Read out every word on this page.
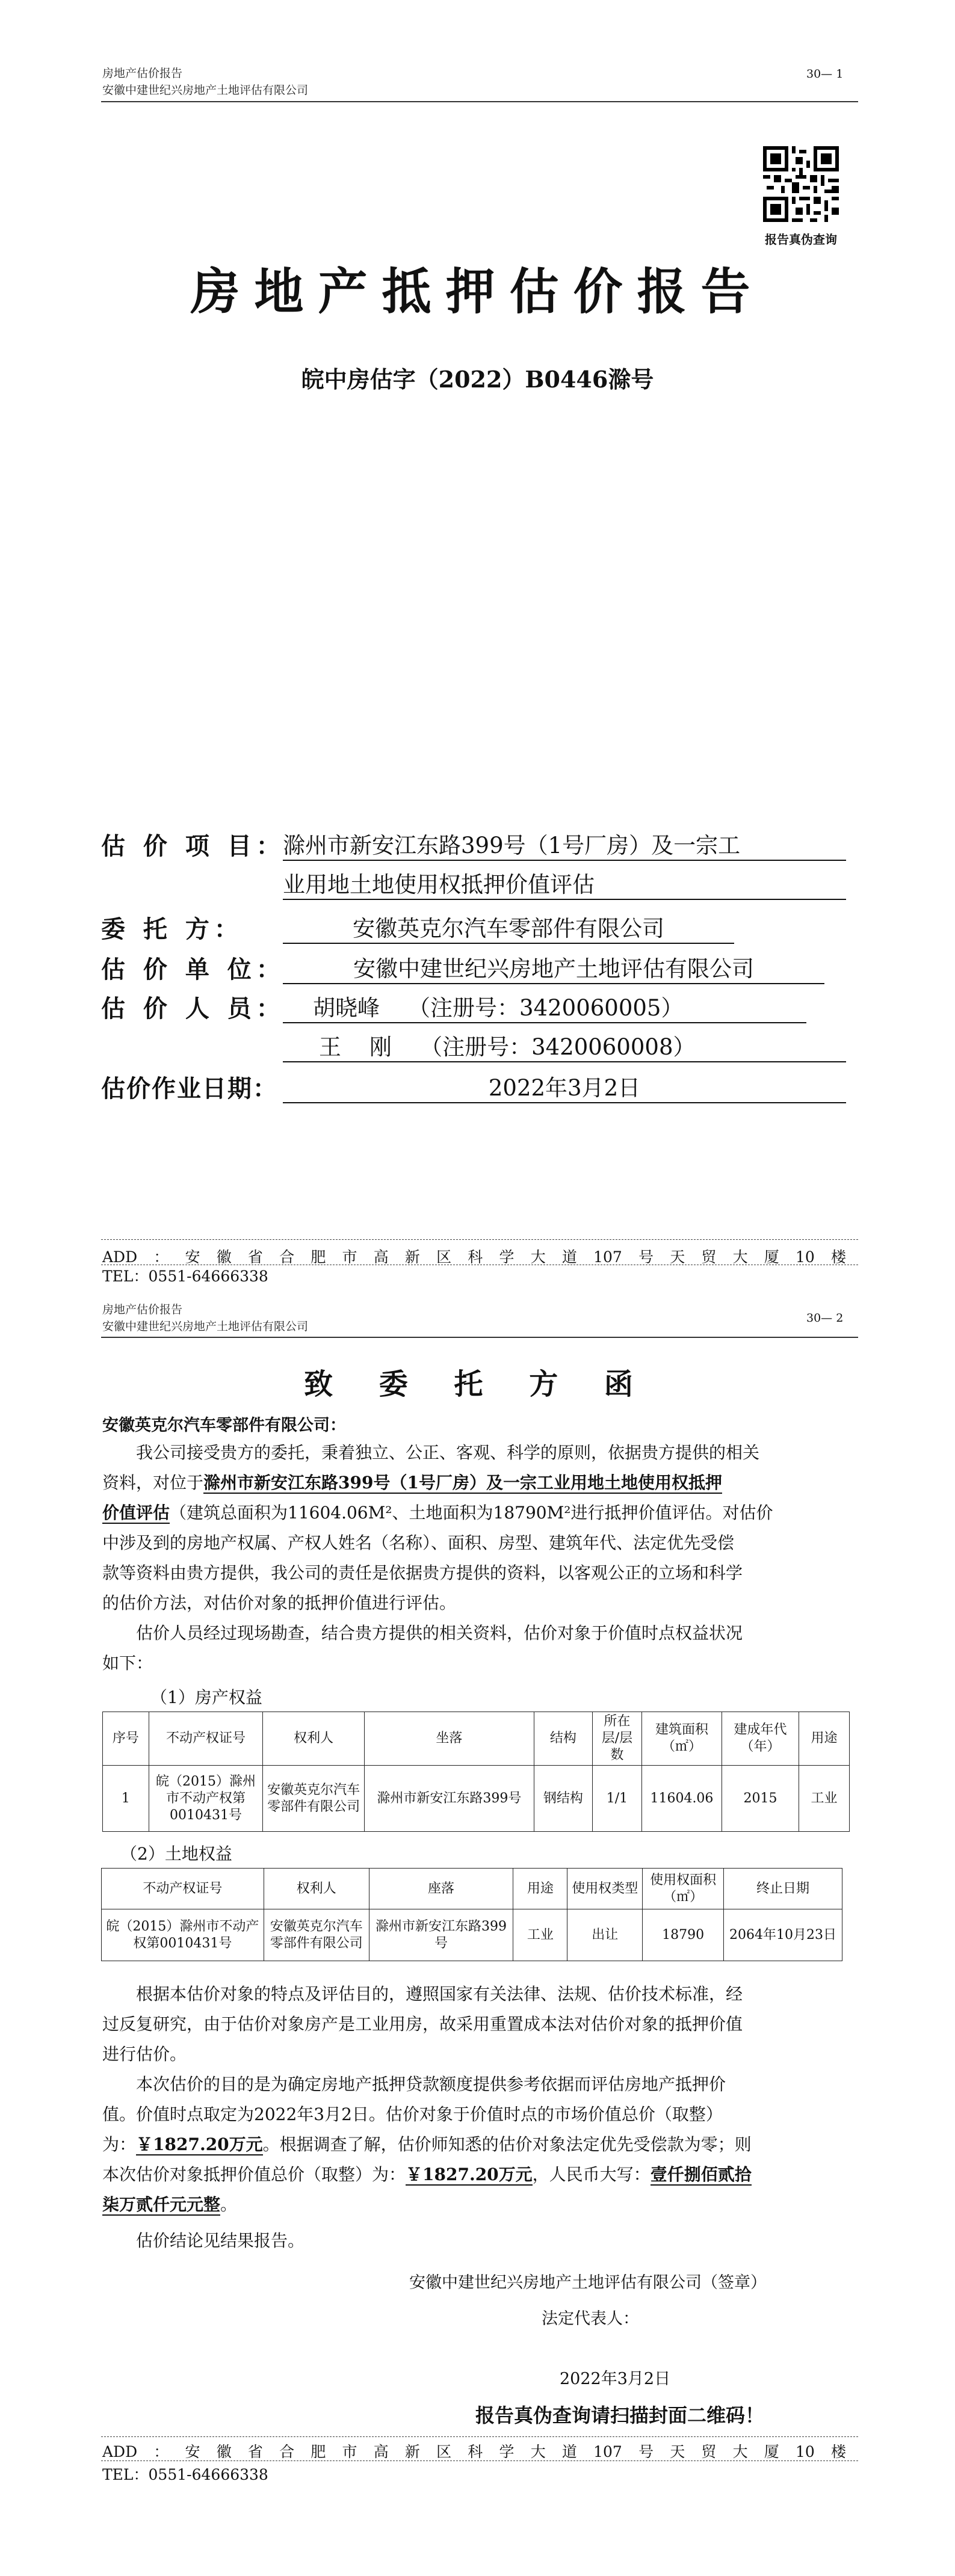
房地产估价报告
安徽中建世纪兴房地产土地评估有限公司
30— 1
报告真伪查询
房地产抵押估价报告
皖中房估字（2022）B0446滁号
估 价 项 目：
滁州市新安江东路399号（1号厂房）及一宗工
业用地土地使用权抵押价值评估
委 托 方：	安徽英克尔汽车零部件有限公司
估 价 单 位：	安徽中建世纪兴房地产土地评估有限公司
估 价 人 员：	胡晓峰    （注册号：3420060005）
王    刚    （注册号：3420060008）
估价作业日期：	2022年3月2日
ADD：安徽省合肥市高新区科学大道107号天贸大厦10楼
TEL：0551-64666338
房地产估价报告
安徽中建世纪兴房地产土地评估有限公司
30— 2
致 委 托 方 函
安徽英克尔汽车零部件有限公司：
我公司接受贵方的委托，秉着独立、公正、客观、科学的原则，依据贵方提供的相关
资料，对位于滁州市新安江东路399号（1号厂房）及一宗工业用地土地使用权抵押
价值评估（建筑总面积为11604.06M²、土地面积为18790M²进行抵押价值评估。对估价
中涉及到的房地产权属、产权人姓名（名称）、面积、房型、建筑年代、法定优先受偿
款等资料由贵方提供，我公司的责任是依据贵方提供的资料，以客观公正的立场和科学
的估价方法，对估价对象的抵押价值进行评估。
估价人员经过现场勘查，结合贵方提供的相关资料，估价对象于价值时点权益状况
如下：
（1）房产权益
序号	不动产权证号	权利人	坐落	结构	所在层/层数	建筑面积（㎡）	建成年代（年）	用途
1	皖（2015）滁州市不动产权第0010431号	安徽英克尔汽车零部件有限公司	滁州市新安江东路399号	钢结构	1/1	11604.06	2015	工业
（2）土地权益
不动产权证号	权利人	座落	用途	使用权类型	使用权面积（㎡）	终止日期
皖（2015）滁州市不动产权第0010431号	安徽英克尔汽车零部件有限公司	滁州市新安江东路399号	工业	出让	18790	2064年10月23日
根据本估价对象的特点及评估目的，遵照国家有关法律、法规、估价技术标准，经
过反复研究，由于估价对象房产是工业用房，故采用重置成本法对估价对象的抵押价值
进行估价。
本次估价的目的是为确定房地产抵押贷款额度提供参考依据而评估房地产抵押价
值。价值时点取定为2022年3月2日。估价对象于价值时点的市场价值总价（取整）
为：￥1827.20万元。根据调查了解，估价师知悉的估价对象法定优先受偿款为零；则
本次估价对象抵押价值总价（取整）为：￥1827.20万元，人民币大写：壹仟捌佰贰拾
柒万贰仟元元整。
估价结论见结果报告。
安徽中建世纪兴房地产土地评估有限公司（签章）
法定代表人：
2022年3月2日
报告真伪查询请扫描封面二维码！
ADD：安徽省合肥市高新区科学大道107号天贸大厦10楼
TEL：0551-64666338
